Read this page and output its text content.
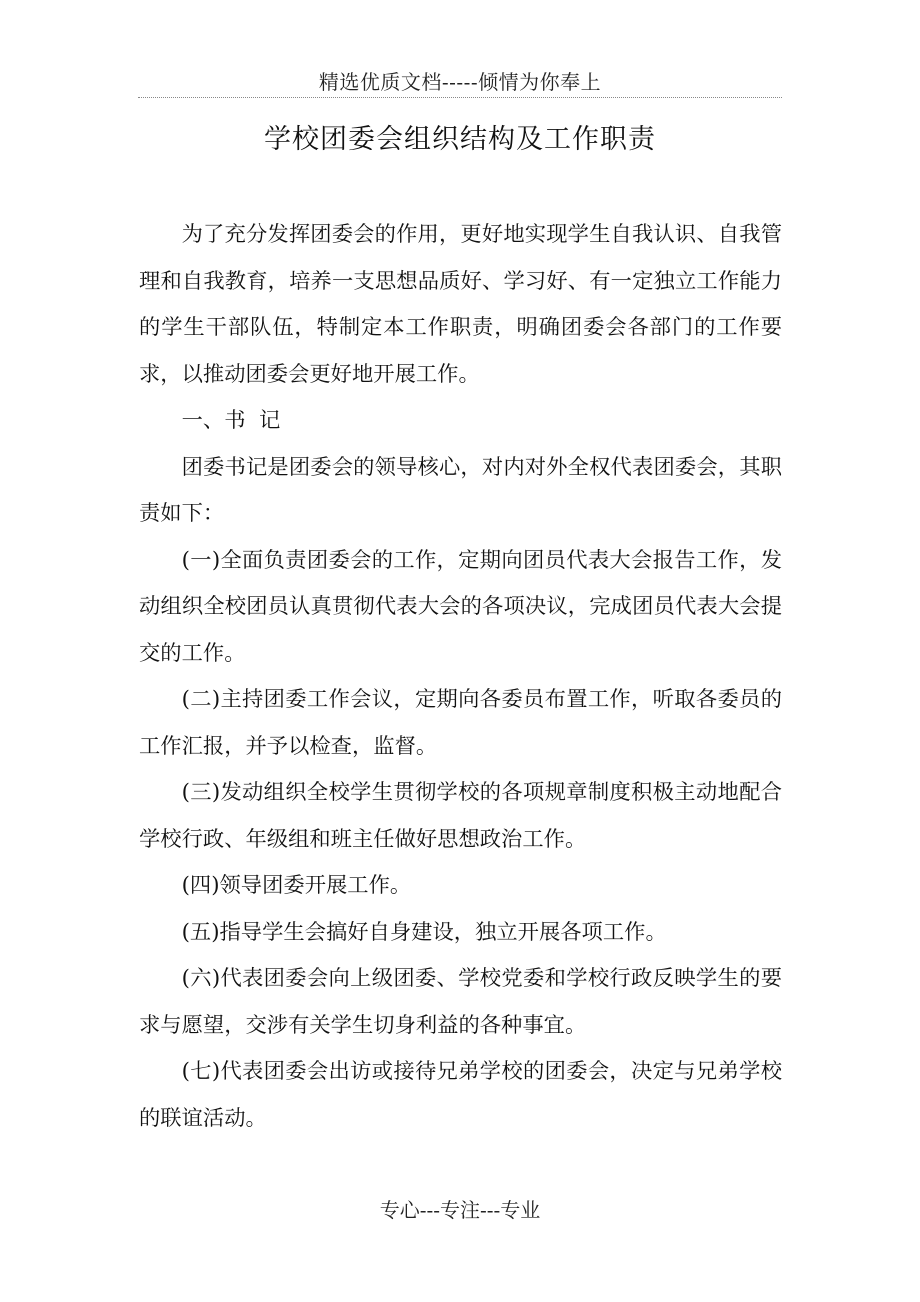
精选优质文档-----倾情为你奉上
学校团委会组织结构及工作职责

为了充分发挥团委会的作用，更好地实现学生自我认识、自我管理和自我教育，培养一支思想品质好、学习好、有一定独立工作能力的学生干部队伍，特制定本工作职责，明确团委会各部门的工作要求，以推动团委会更好地开展工作。

一、书  记

团委书记是团委会的领导核心，对内对外全权代表团委会，其职责如下：

(一)全面负责团委会的工作，定期向团员代表大会报告工作，发动组织全校团员认真贯彻代表大会的各项决议，完成团员代表大会提交的工作。

(二)主持团委工作会议，定期向各委员布置工作，听取各委员的工作汇报，并予以检查，监督。

(三)发动组织全校学生贯彻学校的各项规章制度积极主动地配合学校行政、年级组和班主任做好思想政治工作。

(四)领导团委开展工作。

(五)指导学生会搞好自身建设，独立开展各项工作。

(六)代表团委会向上级团委、学校党委和学校行政反映学生的要求与愿望，交涉有关学生切身利益的各种事宜。

(七)代表团委会出访或接待兄弟学校的团委会，决定与兄弟学校的联谊活动。

专心---专注---专业
